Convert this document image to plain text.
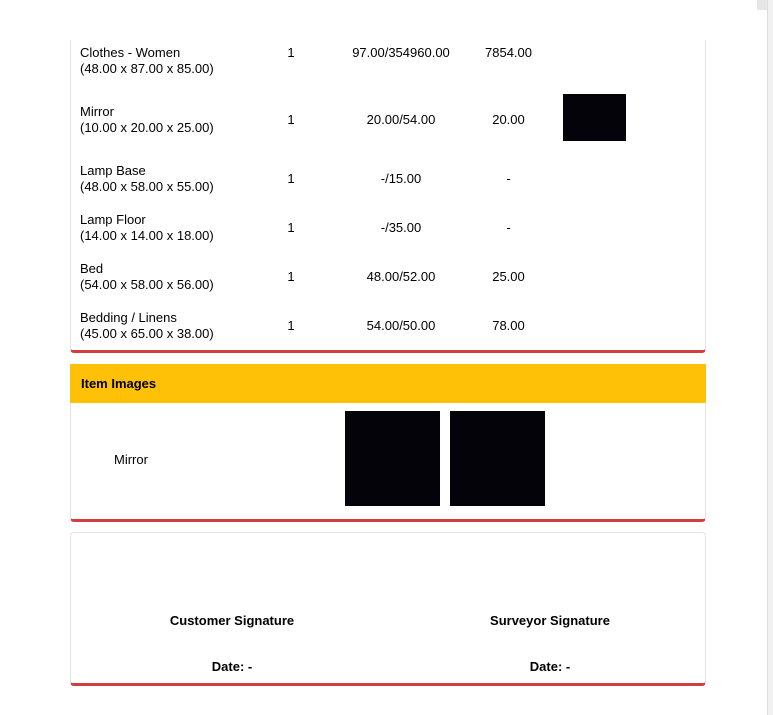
Clothes - Women
(48.00 x 87.00 x 85.00)
1	97.00/354960.00	7854.00
Mirror
(10.00 x 20.00 x 25.00)
1	20.00/54.00	20.00
Lamp Base
(48.00 x 58.00 x 55.00)
1	-/15.00	-
Lamp Floor
(14.00 x 14.00 x 18.00)
1	-/35.00	-
Bed
(54.00 x 58.00 x 56.00)
1	48.00/52.00	25.00
Bedding / Linens
(45.00 x 65.00 x 38.00)
1	54.00/50.00	78.00
Item Images
Mirror
Customer Signature	Surveyor Signature
Date: -	Date: -
